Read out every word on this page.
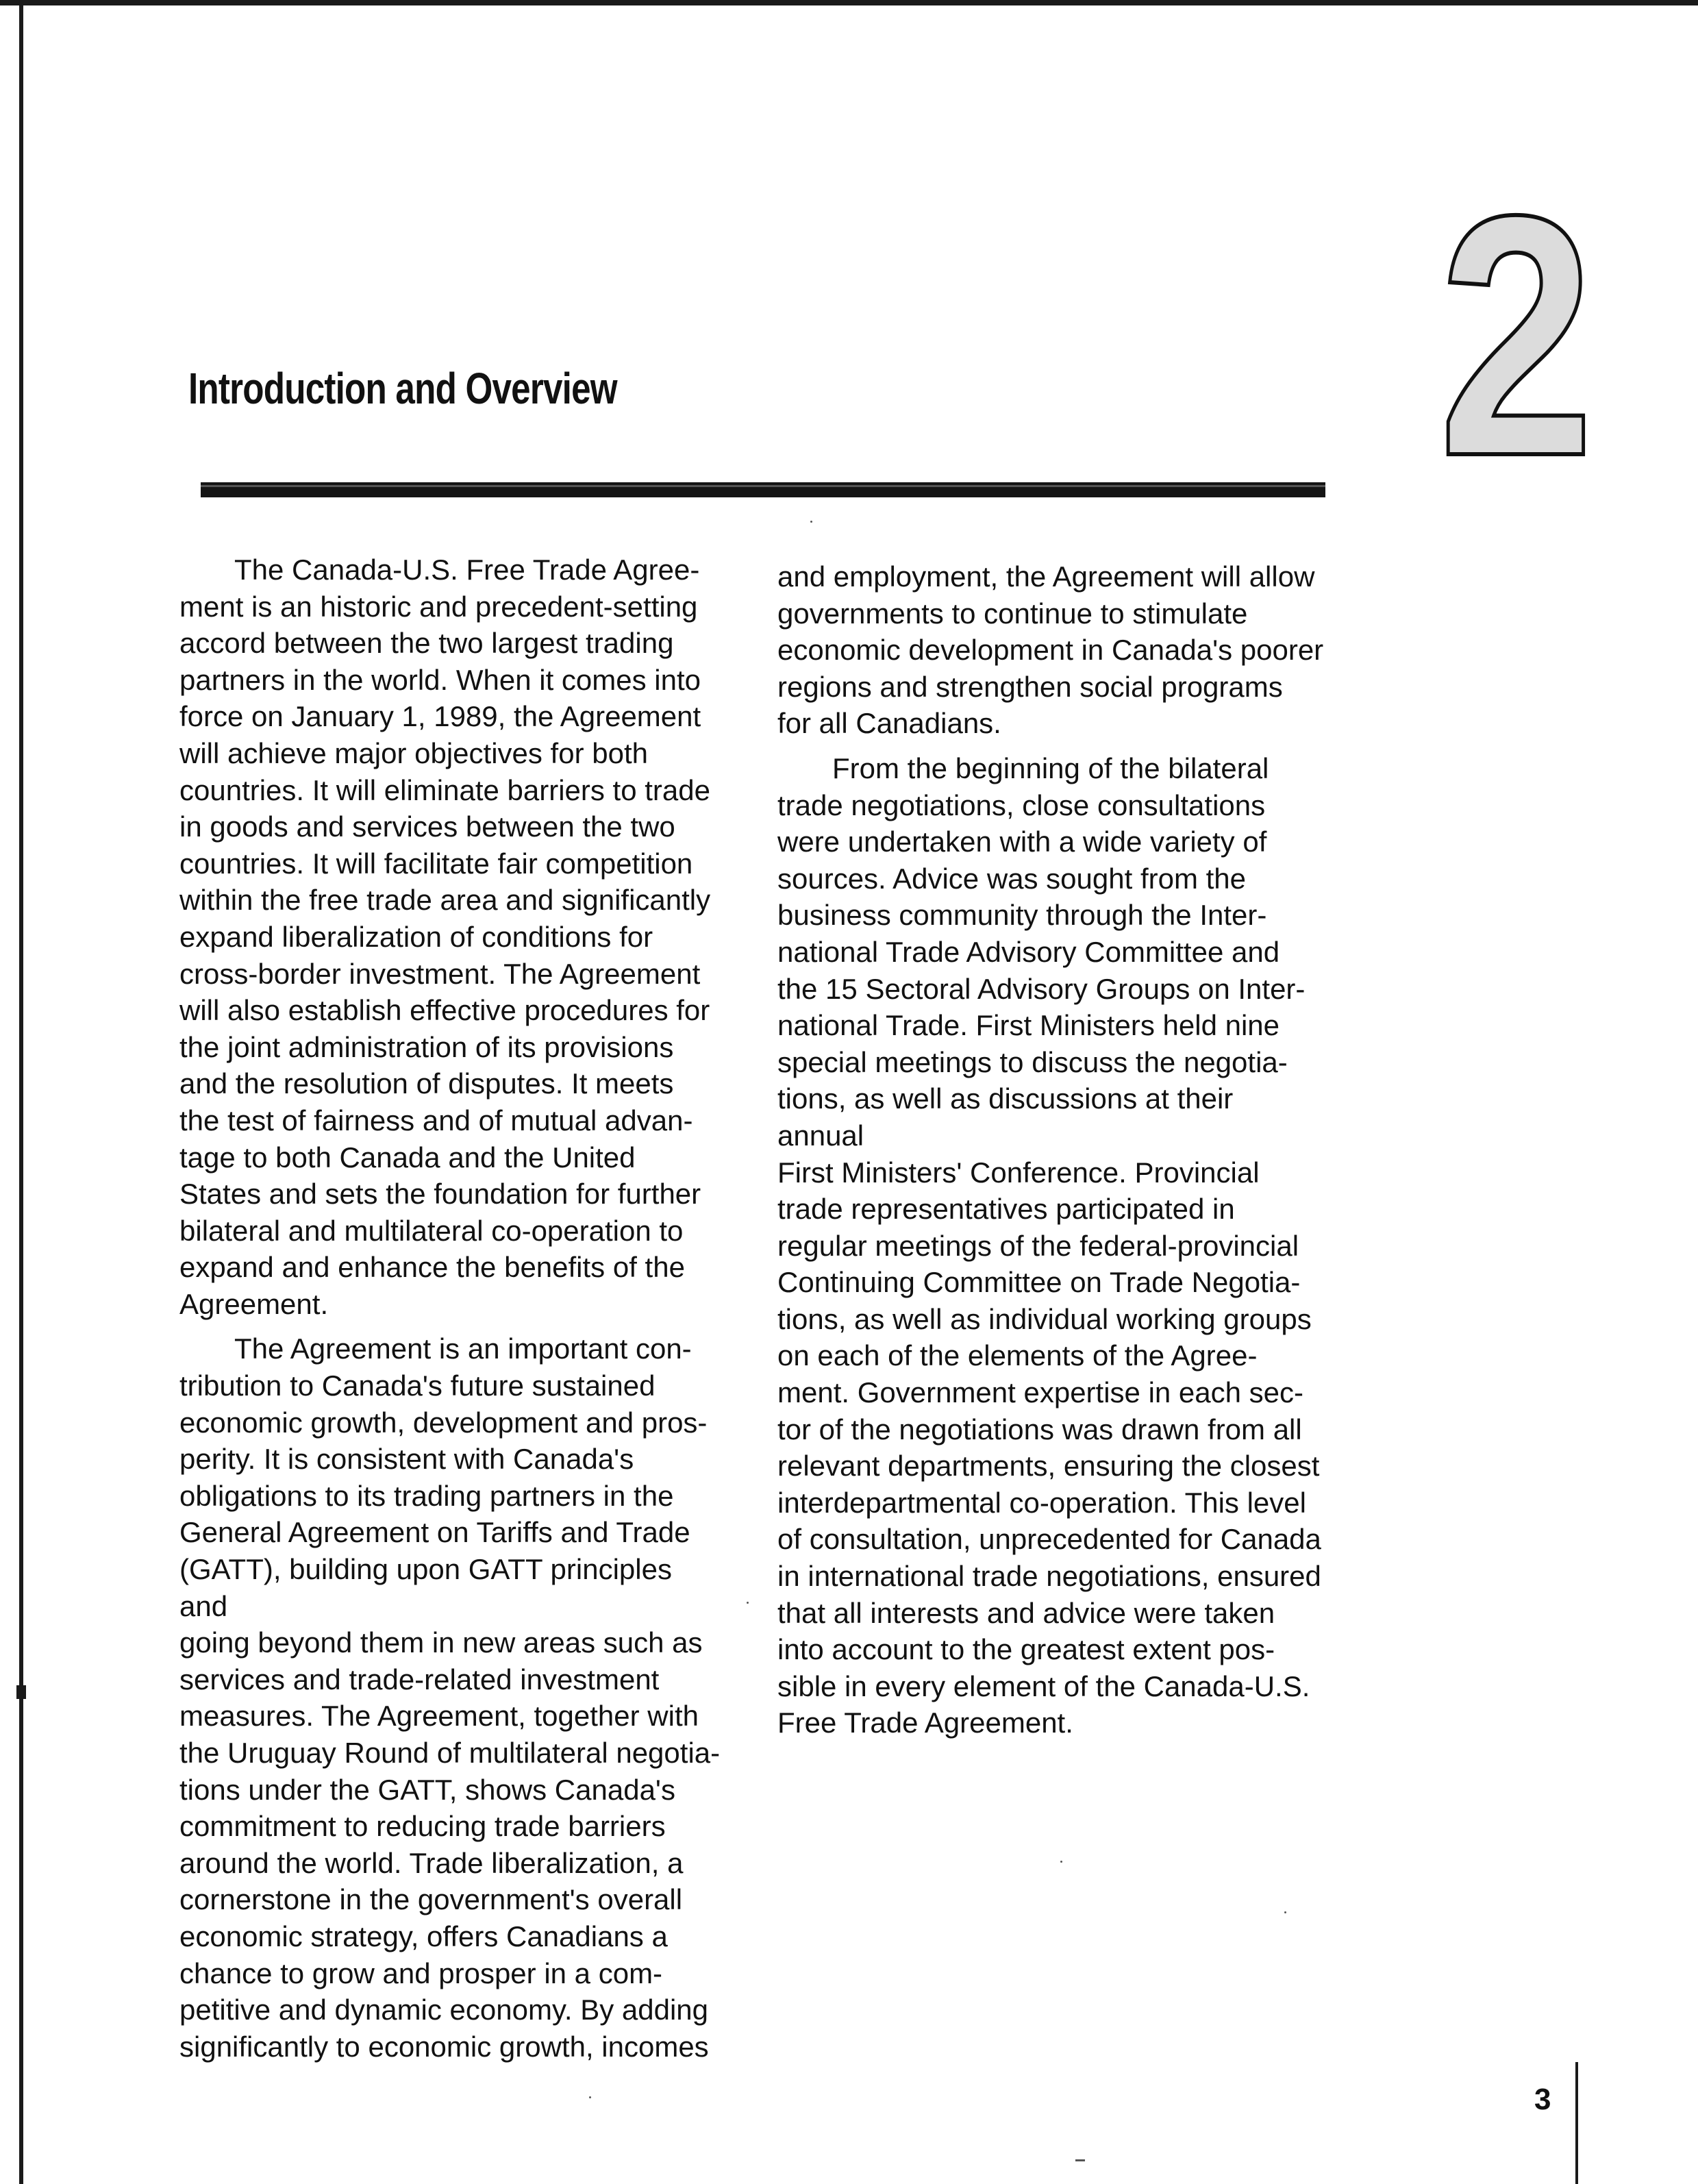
2
Introduction and Overview

The Canada-U.S. Free Trade Agree-
ment is an historic and precedent-setting
accord between the two largest trading
partners in the world. When it comes into
force on January 1, 1989, the Agreement
will achieve major objectives for both
countries. It will eliminate barriers to trade
in goods and services between the two
countries. It will facilitate fair competition
within the free trade area and significantly
expand liberalization of conditions for
cross-border investment. The Agreement
will also establish effective procedures for
the joint administration of its provisions
and the resolution of disputes. It meets
the test of fairness and of mutual advan-
tage to both Canada and the United
States and sets the foundation for further
bilateral and multilateral co-operation to
expand and enhance the benefits of the
Agreement.

The Agreement is an important con-
tribution to Canada's future sustained
economic growth, development and pros-
perity. It is consistent with Canada's
obligations to its trading partners in the
General Agreement on Tariffs and Trade
(GATT), building upon GATT principles and
going beyond them in new areas such as
services and trade-related investment
measures. The Agreement, together with
the Uruguay Round of multilateral negotia-
tions under the GATT, shows Canada's
commitment to reducing trade barriers
around the world. Trade liberalization, a
cornerstone in the government's overall
economic strategy, offers Canadians a
chance to grow and prosper in a com-
petitive and dynamic economy. By adding
significantly to economic growth, incomes

and employment, the Agreement will allow
governments to continue to stimulate
economic development in Canada's poorer
regions and strengthen social programs
for all Canadians.

From the beginning of the bilateral
trade negotiations, close consultations
were undertaken with a wide variety of
sources. Advice was sought from the
business community through the Inter-
national Trade Advisory Committee and
the 15 Sectoral Advisory Groups on Inter-
national Trade. First Ministers held nine
special meetings to discuss the negotia-
tions, as well as discussions at their annual
First Ministers' Conference. Provincial
trade representatives participated in
regular meetings of the federal-provincial
Continuing Committee on Trade Negotia-
tions, as well as individual working groups
on each of the elements of the Agree-
ment. Government expertise in each sec-
tor of the negotiations was drawn from all
relevant departments, ensuring the closest
interdepartmental co-operation. This level
of consultation, unprecedented for Canada
in international trade negotiations, ensured
that all interests and advice were taken
into account to the greatest extent pos-
sible in every element of the Canada-U.S.
Free Trade Agreement.

3
